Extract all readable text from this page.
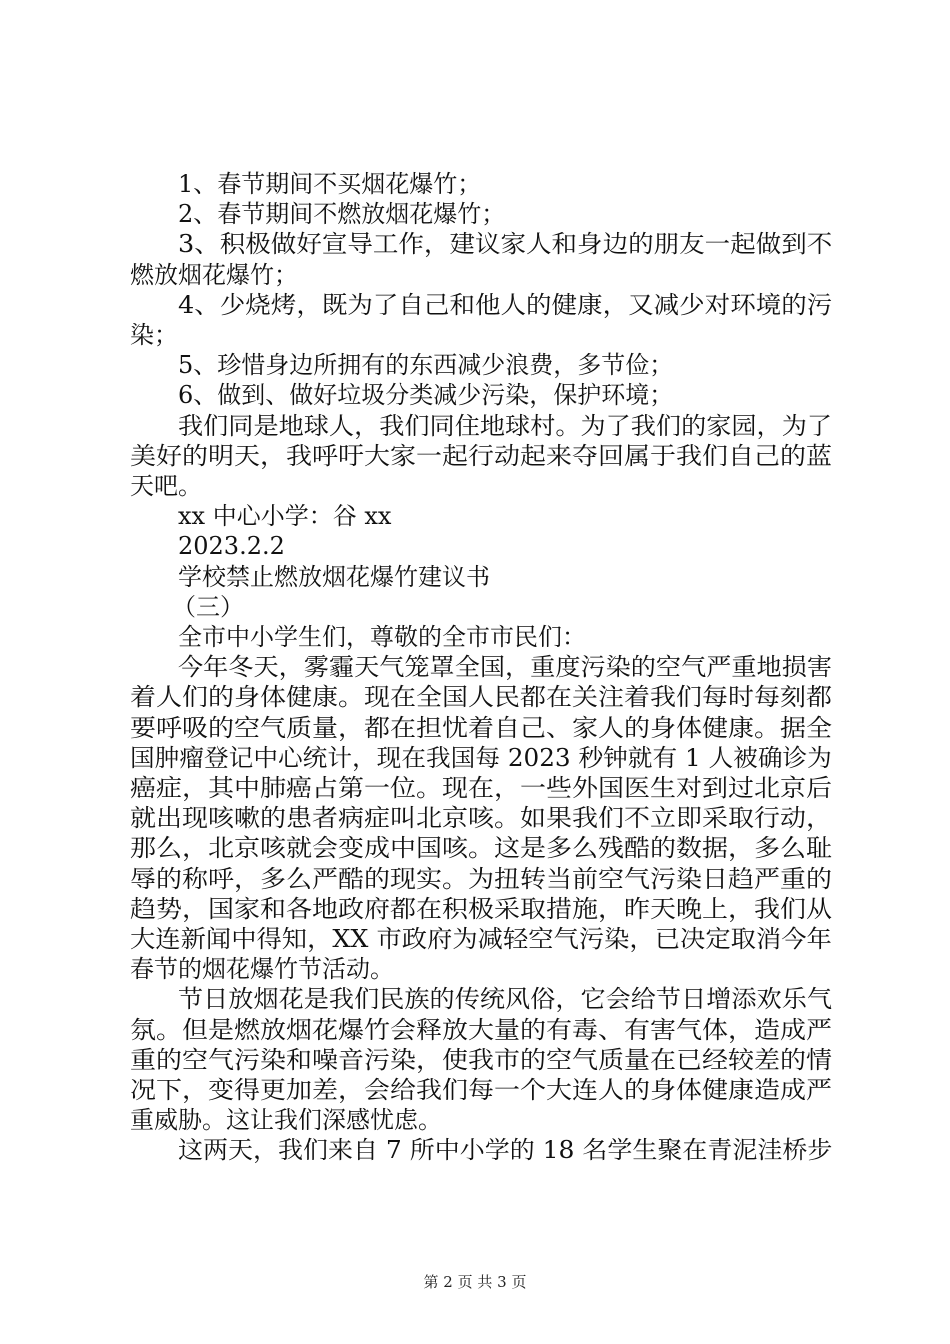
1、春节期间不买烟花爆竹；
2、春节期间不燃放烟花爆竹；
3、积极做好宣导工作，建议家人和身边的朋友一起做到不
燃放烟花爆竹；
4、少烧烤，既为了自己和他人的健康，又减少对环境的污
染；
5、珍惜身边所拥有的东西减少浪费，多节俭；
6、做到、做好垃圾分类减少污染，保护环境；
我们同是地球人，我们同住地球村。为了我们的家园，为了
美好的明天，我呼吁大家一起行动起来夺回属于我们自己的蓝
天吧。
xx 中心小学：谷 xx
2023.2.2
学校禁止燃放烟花爆竹建议书
（三）
全市中小学生们，尊敬的全市市民们：
今年冬天，雾霾天气笼罩全国，重度污染的空气严重地损害
着人们的身体健康。现在全国人民都在关注着我们每时每刻都
要呼吸的空气质量，都在担忧着自己、家人的身体健康。据全
国肿瘤登记中心统计，现在我国每 2023 秒钟就有 1 人被确诊为
癌症，其中肺癌占第一位。现在，一些外国医生对到过北京后
就出现咳嗽的患者病症叫北京咳。如果我们不立即采取行动，
那么，北京咳就会变成中国咳。这是多么残酷的数据，多么耻
辱的称呼，多么严酷的现实。为扭转当前空气污染日趋严重的
趋势，国家和各地政府都在积极采取措施，昨天晚上，我们从
大连新闻中得知，XX 市政府为减轻空气污染，已决定取消今年
春节的烟花爆竹节活动。
节日放烟花是我们民族的传统风俗，它会给节日增添欢乐气
氛。但是燃放烟花爆竹会释放大量的有毒、有害气体，造成严
重的空气污染和噪音污染，使我市的空气质量在已经较差的情
况下，变得更加差，会给我们每一个大连人的身体健康造成严
重威胁。这让我们深感忧虑。
这两天，我们来自 7 所中小学的 18 名学生聚在青泥洼桥步
第 2 页 共 3 页
